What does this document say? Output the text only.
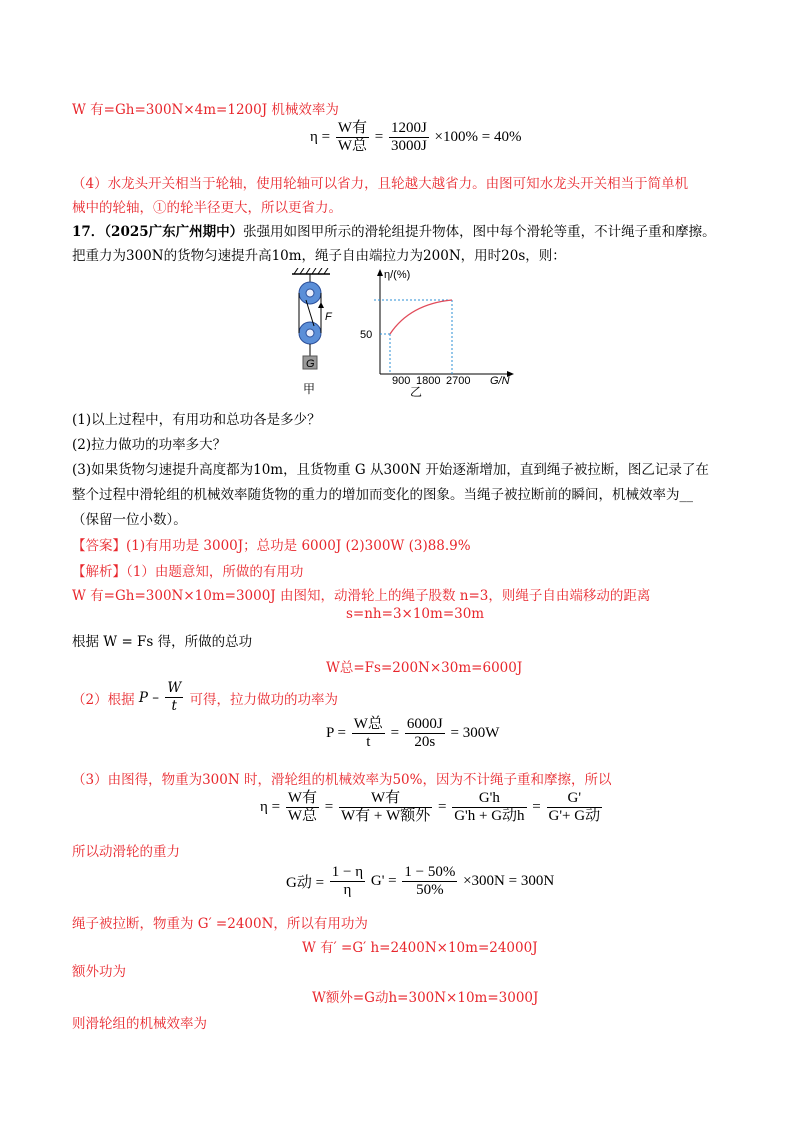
W 有=Gh=300N×4m=1200J 机械效率为
$\eta = \frac{\text{W有}}{\text{W总}} = \frac{1200J}{3000J} \times 100\% = 40\%$
（4）水龙头开关相当于轮轴，使用轮轴可以省力，且轮越大越省力。由图可知水龙头开关相当于简单机
械中的轮轴，①的轮半径更大，所以更省力。
17．（2025广东广州期中）张强用如图甲所示的滑轮组提升物体，图中每个滑轮等重，不计绳子重和摩擦。
把重力为300N的货物匀速提升高10m，绳子自由端拉力为200N，用时20s，则：
F
G
甲
η/(%)
G/N
50
900 1800 2700
乙
(1)以上过程中，有用功和总功各是多少？
(2)拉力做功的功率多大？
(3)如果货物匀速提升高度都为10m，且货物重 G 从300N 开始逐渐增加，直到绳子被拉断，图乙记录了在
整个过程中滑轮组的机械效率随货物的重力的增加而变化的图象。当绳子被拉断前的瞬间，机械效率为__
（保留一位小数）。
【答案】(1)有用功是 3000J；总功是 6000J (2)300W (3)88.9%
【解析】（1）由题意知，所做的有用功
W 有=Gh=300N×10m=3000J 由图知，动滑轮上的绳子股数 n=3，则绳子自由端移动的距离
s=nh=3×10m=30m
根据 W = Fs 得，所做的总功
W总=Fs=200N×30m=6000J
（2）根据 P – $\frac{W}{t}$ 可得，拉力做功的功率为
$P = \frac{\text{W总}}{t} = \frac{6000J}{20s} = 300W$
（3）由图得，物重为300N 时，滑轮组的机械效率为50%，因为不计绳子重和摩擦，所以
$\eta = \frac{\text{W有}}{\text{W总}} = \frac{\text{W有}}{\text{W有 + W额外}} = \frac{G'h}{\text{G'h + G动h}} = \frac{G'}{\text{G'+ G动}}$
所以动滑轮的重力
G动 = $\frac{1 - \eta}{\eta} G' = \frac{1 - 50\%}{50\%} \times 300N = 300N$
绳子被拉断，物重为 G′ =2400N，所以有用功为
W 有′ =G′ h=2400N×10m=24000J
额外功为
W额外=G动h=300N×10m=3000J
则滑轮组的机械效率为
